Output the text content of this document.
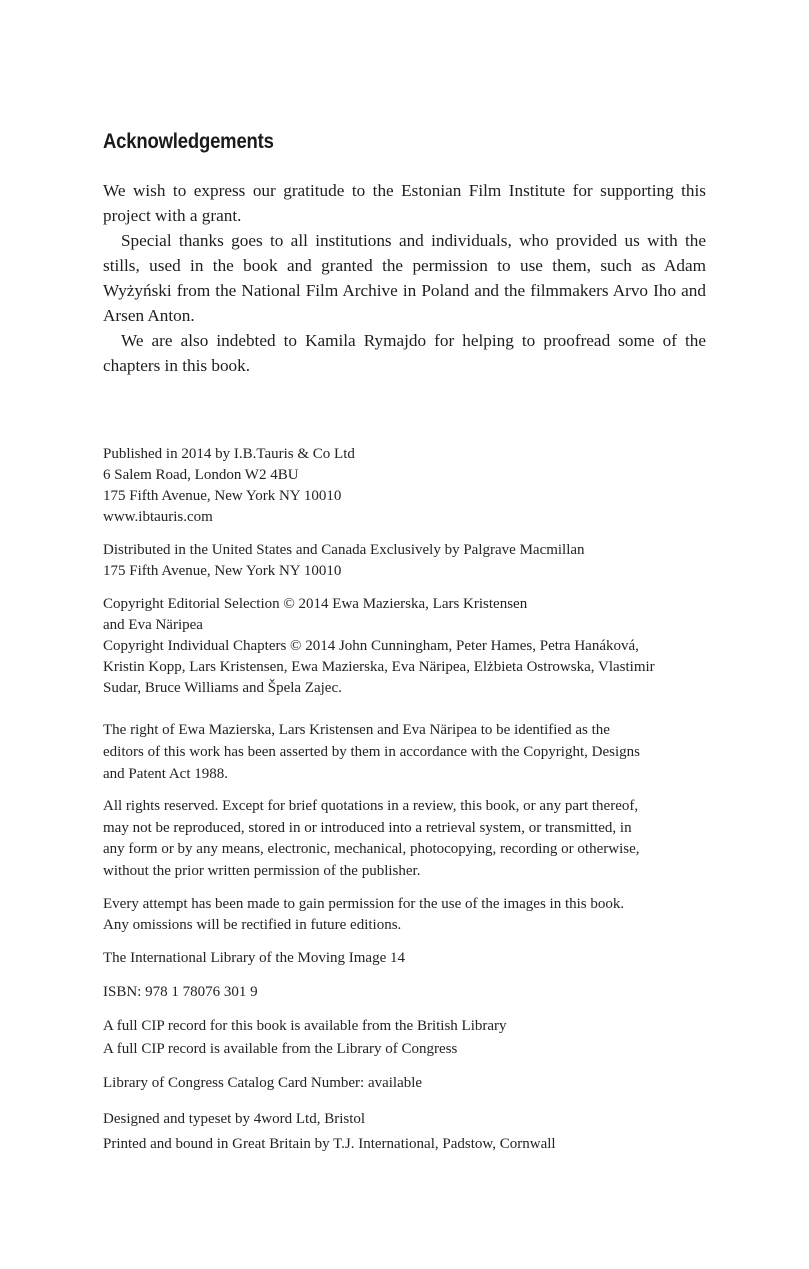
Acknowledgements

We wish to express our gratitude to the Estonian Film Institute for supporting this project with a grant.

Special thanks goes to all institutions and individuals, who provided us with the stills, used in the book and granted the permission to use them, such as Adam Wyżyński from the National Film Archive in Poland and the filmmakers Arvo Iho and Arsen Anton.

We are also indebted to Kamila Rymajdo for helping to proofread some of the chapters in this book.

Published in 2014 by I.B.Tauris & Co Ltd
6 Salem Road, London W2 4BU
175 Fifth Avenue, New York NY 10010
www.ibtauris.com
Distributed in the United States and Canada Exclusively by Palgrave Macmillan
175 Fifth Avenue, New York NY 10010
Copyright Editorial Selection © 2014 Ewa Mazierska, Lars Kristensen
and Eva Näripea
Copyright Individual Chapters © 2014 John Cunningham, Peter Hames, Petra Hanáková,
Kristin Kopp, Lars Kristensen, Ewa Mazierska, Eva Näripea, Elżbieta Ostrowska, Vlastimir
Sudar, Bruce Williams and Špela Zajec.
The right of Ewa Mazierska, Lars Kristensen and Eva Näripea to be identified as the
editors of this work has been asserted by them in accordance with the Copyright, Designs
and Patent Act 1988.
All rights reserved. Except for brief quotations in a review, this book, or any part thereof,
may not be reproduced, stored in or introduced into a retrieval system, or transmitted, in
any form or by any means, electronic, mechanical, photocopying, recording or otherwise,
without the prior written permission of the publisher.
Every attempt has been made to gain permission for the use of the images in this book.
Any omissions will be rectified in future editions.
The International Library of the Moving Image 14
ISBN: 978 1 78076 301 9
A full CIP record for this book is available from the British Library
A full CIP record is available from the Library of Congress
Library of Congress Catalog Card Number: available
Designed and typeset by 4word Ltd, Bristol
Printed and bound in Great Britain by T.J. International, Padstow, Cornwall
